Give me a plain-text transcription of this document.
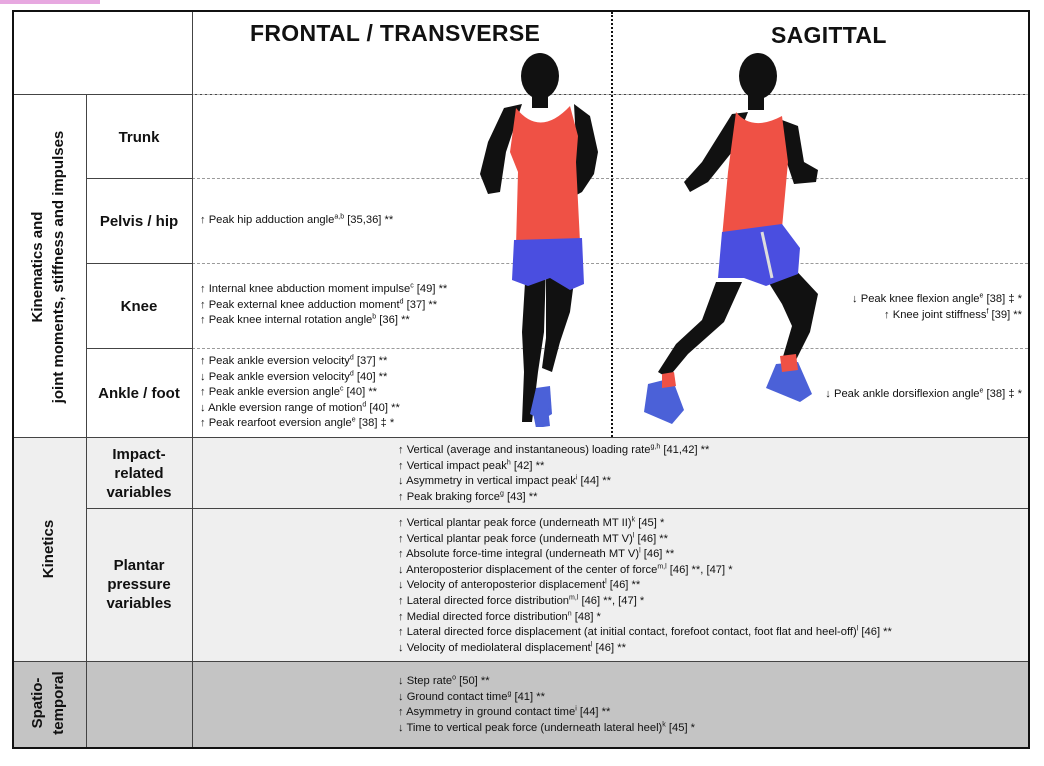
FRONTAL / TRANSVERSE	SAGITTAL
Kinematics and joint moments, stiffness and impulses
Kinetics
Spatio- temporal
Trunk
Pelvis / hip
Knee
Ankle / foot
Impact-
related
variables
Plantar
pressure
variables
↑ Peak hip adduction angle$^{a,b}$ [35,36] **
↑ Internal knee abduction moment impulse$^c$ [49] **
↑ Peak external knee adduction moment$^d$ [37] **
↑ Peak knee internal rotation angle$^b$ [36] **
↑ Peak ankle eversion velocity$^d$ [37] **
↓ Peak ankle eversion velocity$^d$ [40] **
↑ Peak ankle eversion angle$^c$ [40] **
↓ Ankle eversion range of motion$^d$ [40] **
↑ Peak rearfoot eversion angle$^e$ [38] ‡ *
↓ Peak knee flexion angle$^e$ [38] ‡ *
↑ Knee joint stiffness$^f$ [39] **
↓ Peak ankle dorsiflexion angle$^e$ [38] ‡ *
↑ Vertical (average and instantaneous) loading rate$^{g,h}$ [41,42] **
↑ Vertical impact peak$^h$ [42] **
↓ Asymmetry in vertical impact peak$^i$ [44] **
↑ Peak braking force$^g$ [43] **
↑ Vertical plantar peak force (underneath MT II)$^k$ [45] *
↑ Vertical plantar peak force (underneath MT V)$^l$ [46] **
↑ Absolute force-time integral (underneath MT V)$^l$ [46] **
↓ Anteroposterior displacement of the center of force$^{m,l}$ [46] **, [47] *
↓ Velocity of anteroposterior displacement$^l$ [46] **
↑ Lateral directed force distribution$^{m,l}$ [46] **, [47] *
↑ Medial directed force distribution$^n$ [48] *
↑ Lateral directed force displacement (at initial contact, forefoot contact, foot flat and heel-off)$^l$ [46] **
↓ Velocity of mediolateral displacement$^l$ [46] **
↓ Step rate$^o$ [50] **
↓ Ground contact time$^g$ [41] **
↑ Asymmetry in ground contact time$^i$ [44] **
↓ Time to vertical peak force (underneath lateral heel)$^k$ [45] *
